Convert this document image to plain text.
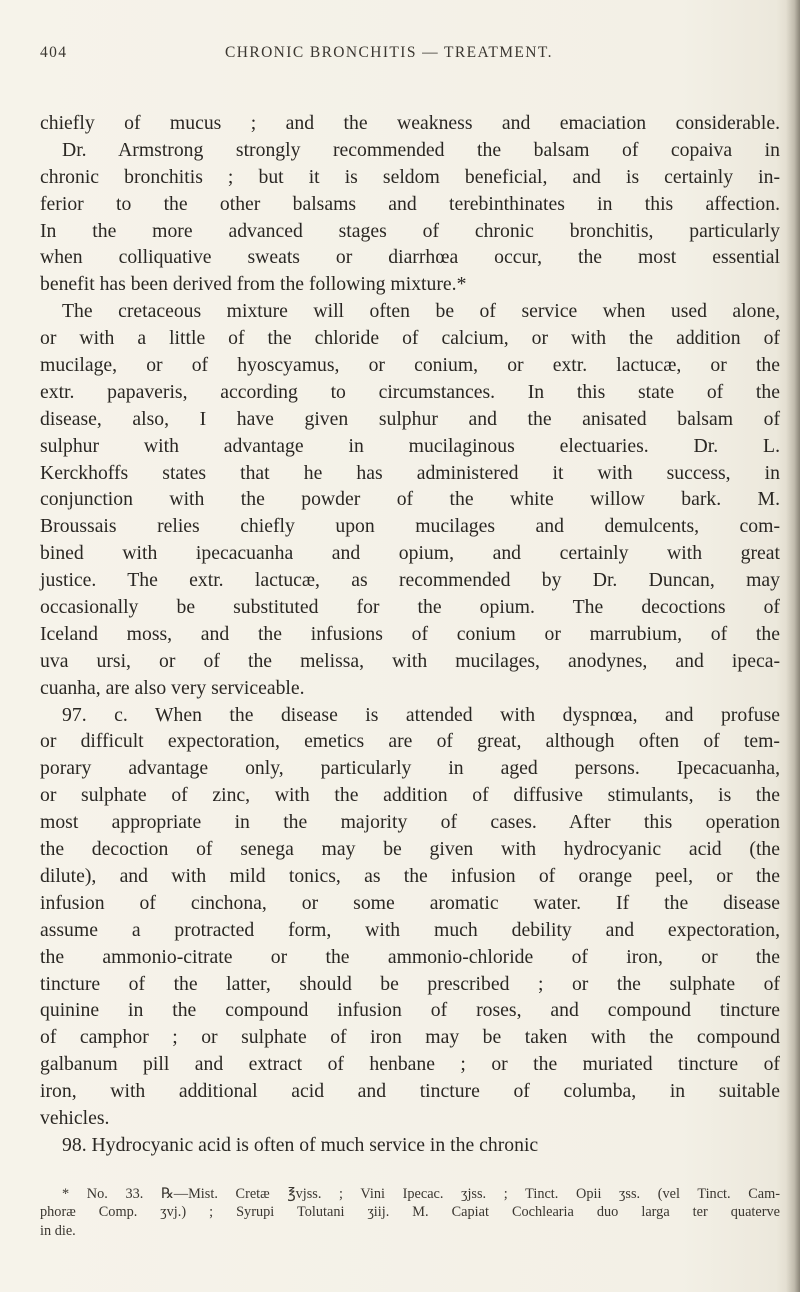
404	CHRONIC BRONCHITIS — TREATMENT.
chiefly of mucus ; and the weakness and emaciation considerable.
Dr. Armstrong strongly recommended the balsam of copaiva in
chronic bronchitis ; but it is seldom beneficial, and is certainly in-
ferior to the other balsams and terebinthinates in this affection.
In the more advanced stages of chronic bronchitis, particularly
when colliquative sweats or diarrhœa occur, the most essential
benefit has been derived from the following mixture.*
The cretaceous mixture will often be of service when used alone,
or with a little of the chloride of calcium, or with the addition of
mucilage, or of hyoscyamus, or conium, or extr. lactucæ, or the
extr. papaveris, according to circumstances. In this state of the
disease, also, I have given sulphur and the anisated balsam of
sulphur with advantage in mucilaginous electuaries. Dr. L.
Kerckhoffs states that he has administered it with success, in
conjunction with the powder of the white willow bark. M.
Broussais relies chiefly upon mucilages and demulcents, com-
bined with ipecacuanha and opium, and certainly with great
justice. The extr. lactucæ, as recommended by Dr. Duncan, may
occasionally be substituted for the opium. The decoctions of
Iceland moss, and the infusions of conium or marrubium, of the
uva ursi, or of the melissa, with mucilages, anodynes, and ipeca-
cuanha, are also very serviceable.
97. c. When the disease is attended with dyspnœa, and profuse
or difficult expectoration, emetics are of great, although often of tem-
porary advantage only, particularly in aged persons. Ipecacuanha,
or sulphate of zinc, with the addition of diffusive stimulants, is the
most appropriate in the majority of cases. After this operation
the decoction of senega may be given with hydrocyanic acid (the
dilute), and with mild tonics, as the infusion of orange peel, or the
infusion of cinchona, or some aromatic water. If the disease
assume a protracted form, with much debility and expectoration,
the ammonio-citrate or the ammonio-chloride of iron, or the
tincture of the latter, should be prescribed ; or the sulphate of
quinine in the compound infusion of roses, and compound tincture
of camphor ; or sulphate of iron may be taken with the compound
galbanum pill and extract of henbane ; or the muriated tincture of
iron, with additional acid and tincture of columba, in suitable
vehicles.
98. Hydrocyanic acid is often of much service in the chronic
* No. 33. ℞—Mist. Cretæ ℥vjss. ; Vini Ipecac. ʒjss. ; Tinct. Opii ʒss. (vel Tinct. Cam-
phoræ Comp. ʒvj.) ; Syrupi Tolutani ʒiij. M. Capiat Cochlearia duo larga ter quaterve
in die.
